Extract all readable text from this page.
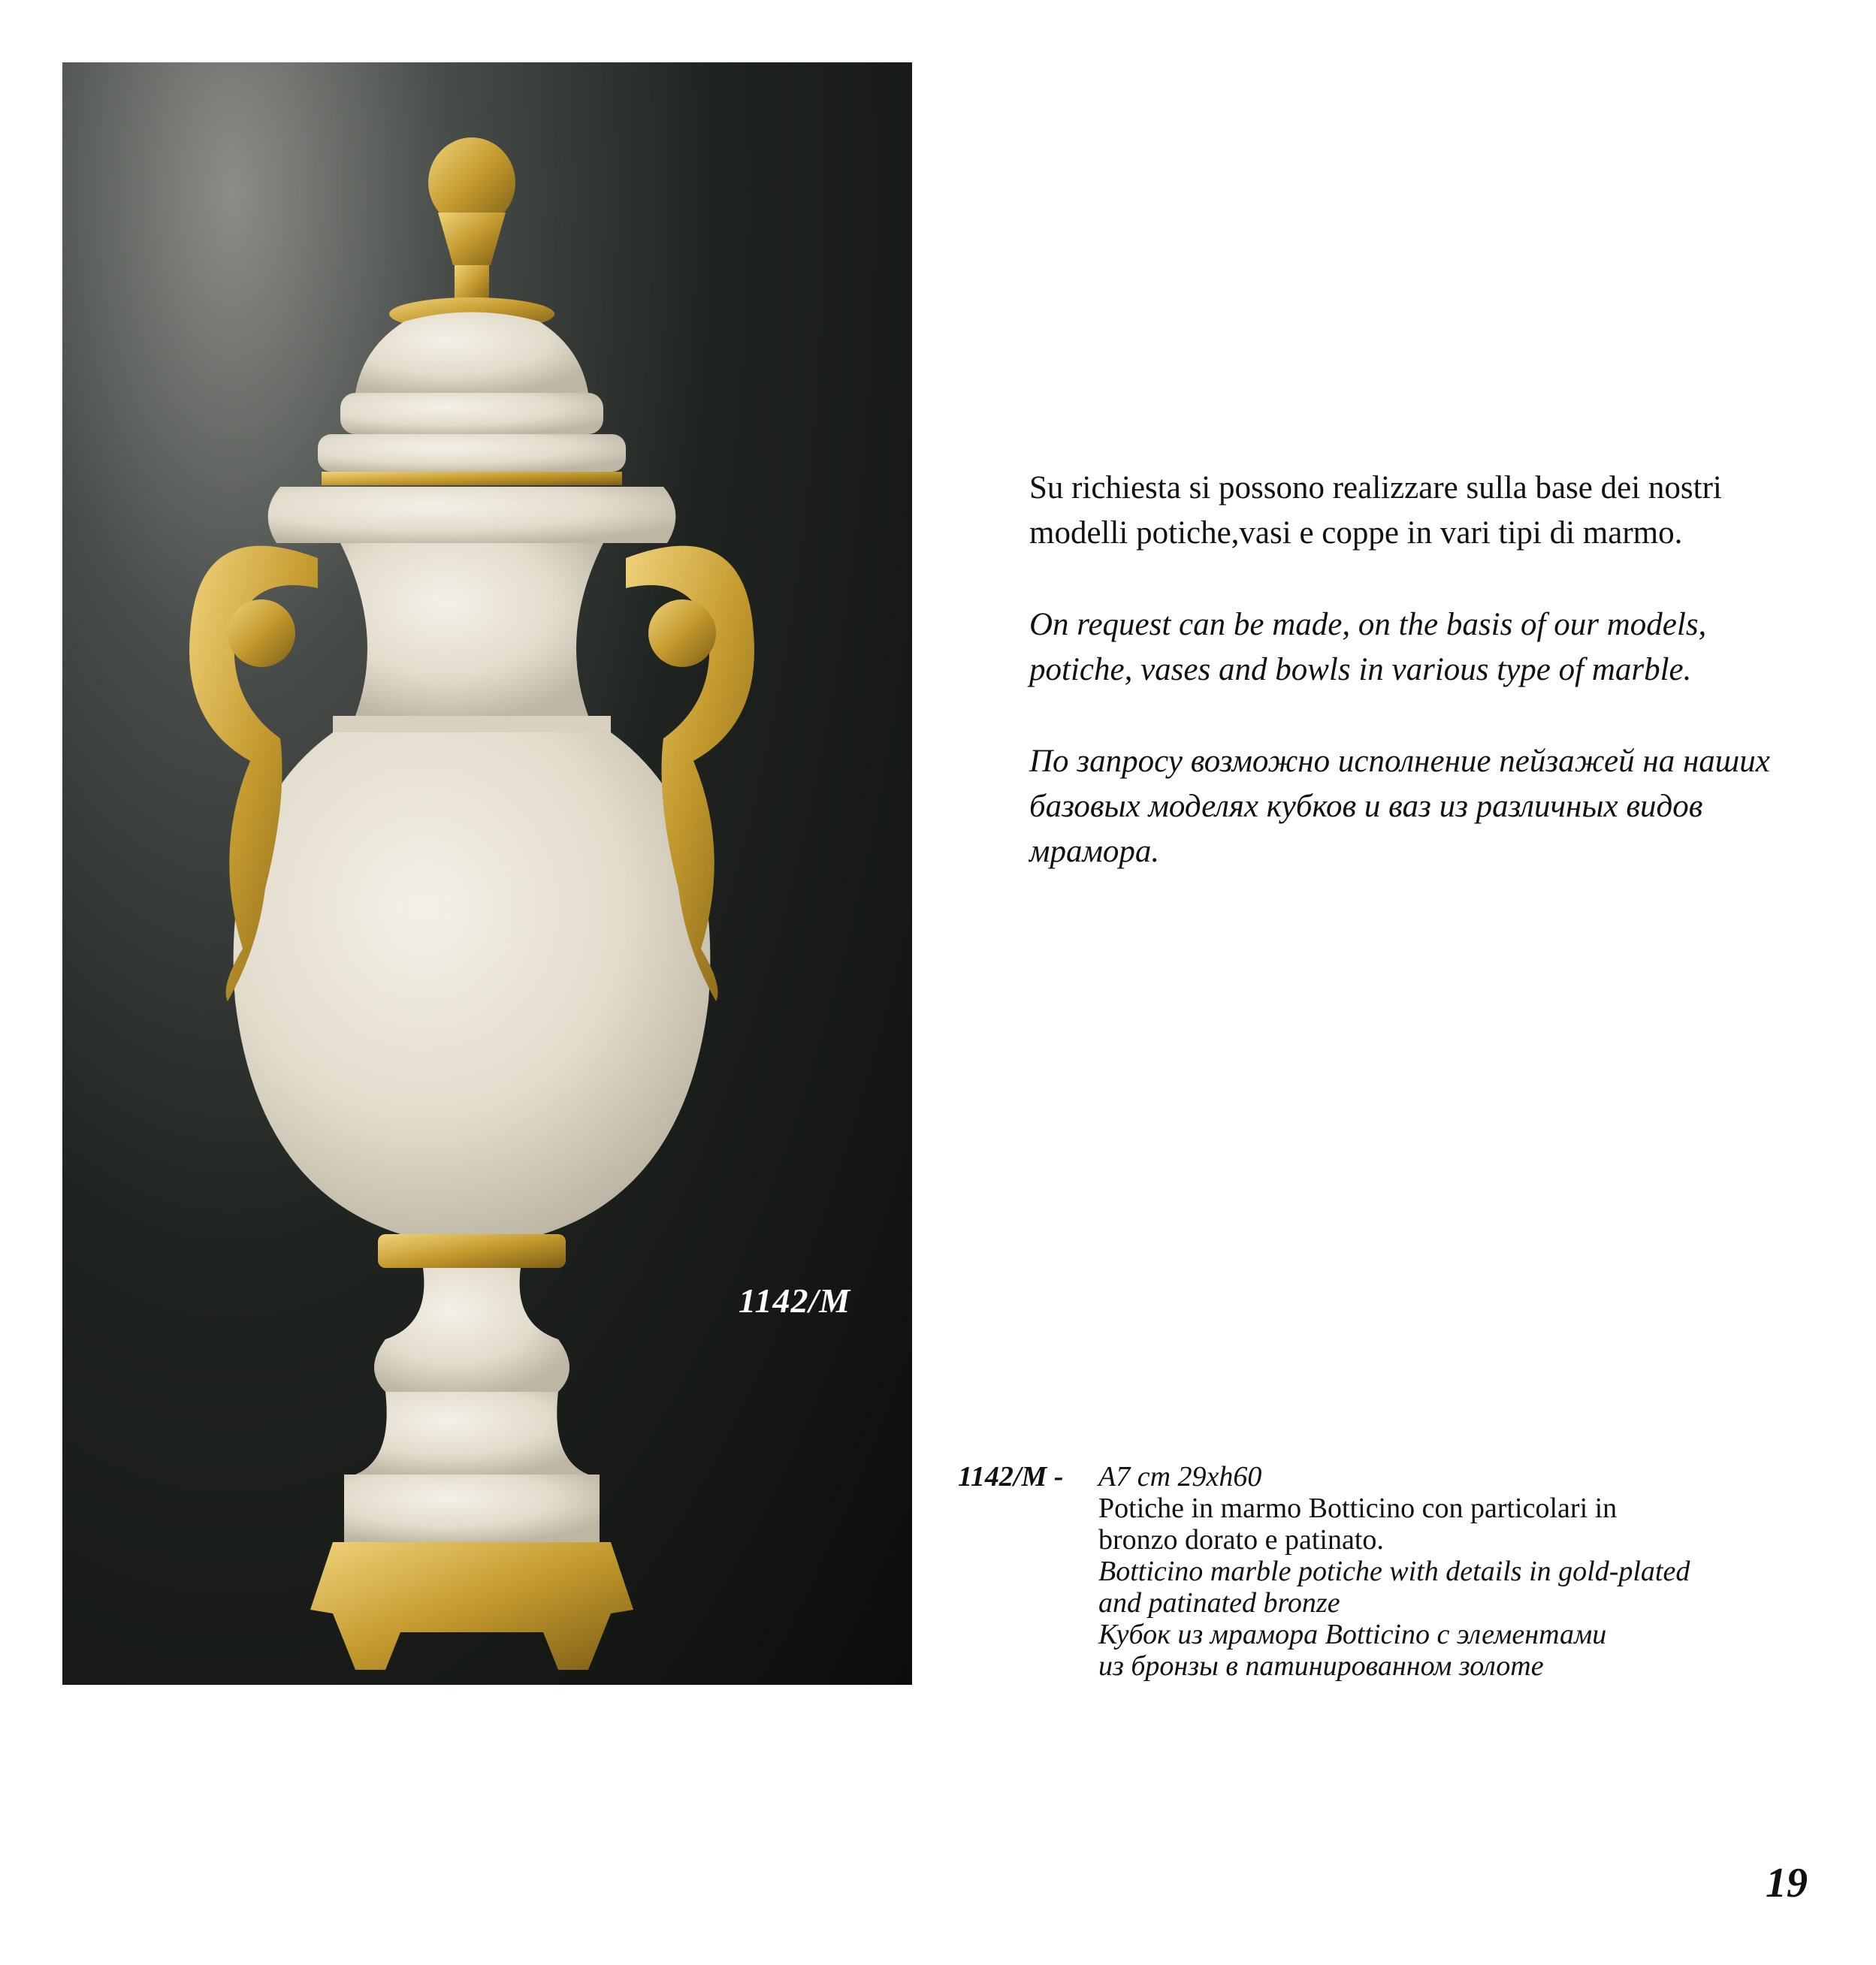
1142/M

Su richiesta si possono realizzare sulla base dei nostri modelli potiche,vasi e coppe in vari tipi di marmo.

On request can be made, on the basis of our models, potiche, vases and bowls in various type of marble.

По запросу возможно исполнение пейзажей на наших базовых моделях кубков и ваз из различных видов мрамора.

1142/M - A7 cm 29xh60
Potiche in marmo Botticino con particolari in
bronzo dorato e patinato.
Botticino marble potiche with details in gold-plated
and patinated bronze
Кубок из мрамора Botticino с элементами
из бронзы в патинированном золоте
19
